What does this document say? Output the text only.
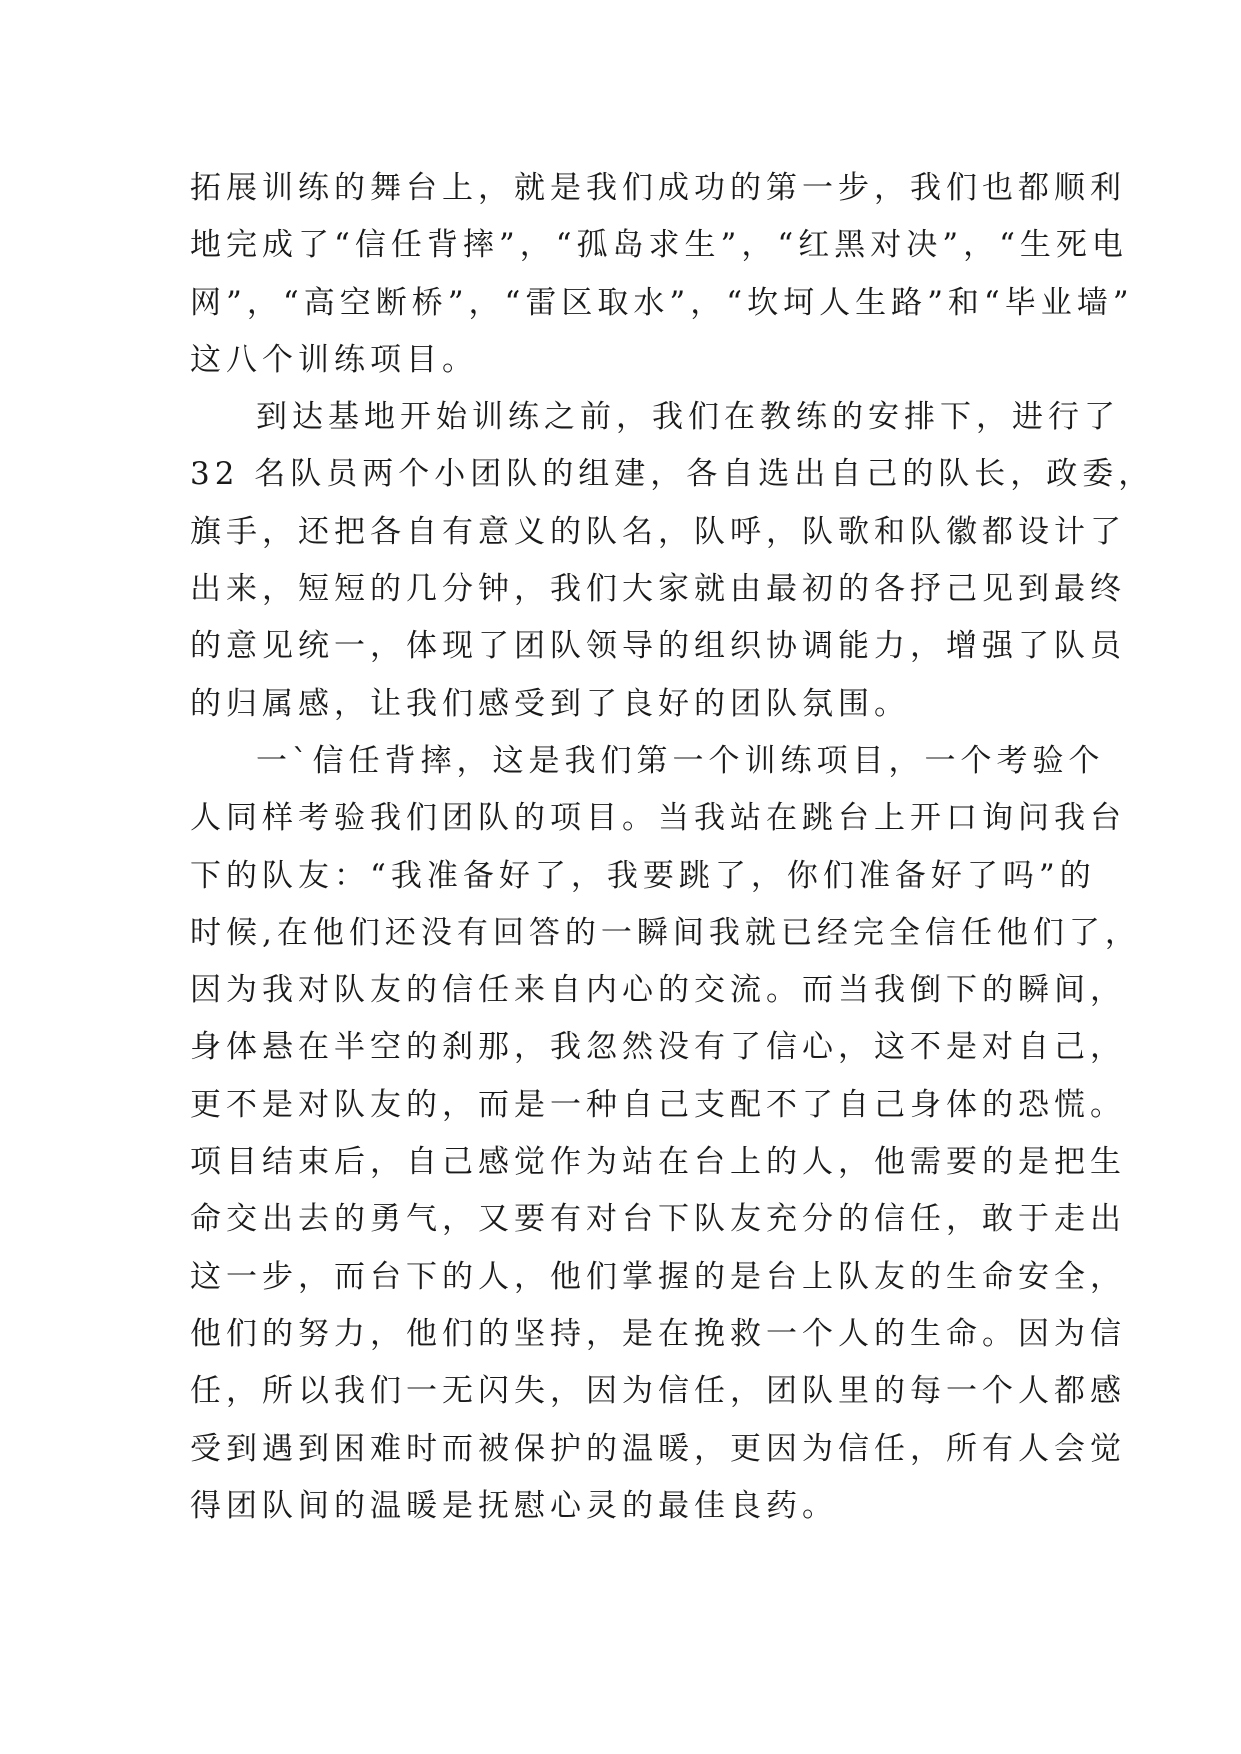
拓展训练的舞台上，就是我们成功的第一步，我们也都顺利
地完成了“信任背摔”，“孤岛求生”，“红黑对决”，“生死电
网”，“高空断桥”，“雷区取水”，“坎坷人生路”和“毕业墙”
这八个训练项目。
到达基地开始训练之前，我们在教练的安排下，进行了
32 名队员两个小团队的组建，各自选出自己的队长，政委，
旗手，还把各自有意义的队名，队呼，队歌和队徽都设计了
出来，短短的几分钟，我们大家就由最初的各抒己见到最终
的意见统一，体现了团队领导的组织协调能力，增强了队员
的归属感，让我们感受到了良好的团队氛围。
一`信任背摔，这是我们第一个训练项目，一个考验个
人同样考验我们团队的项目。当我站在跳台上开口询问我台
下的队友：“我准备好了，我要跳了，你们准备好了吗”的
时候,在他们还没有回答的一瞬间我就已经完全信任他们了，
因为我对队友的信任来自内心的交流。而当我倒下的瞬间，
身体悬在半空的刹那，我忽然没有了信心，这不是对自己，
更不是对队友的，而是一种自己支配不了自己身体的恐慌。
项目结束后，自己感觉作为站在台上的人，他需要的是把生
命交出去的勇气，又要有对台下队友充分的信任，敢于走出
这一步，而台下的人，他们掌握的是台上队友的生命安全，
他们的努力，他们的坚持，是在挽救一个人的生命。因为信
任，所以我们一无闪失，因为信任，团队里的每一个人都感
受到遇到困难时而被保护的温暖，更因为信任，所有人会觉
得团队间的温暖是抚慰心灵的最佳良药。
